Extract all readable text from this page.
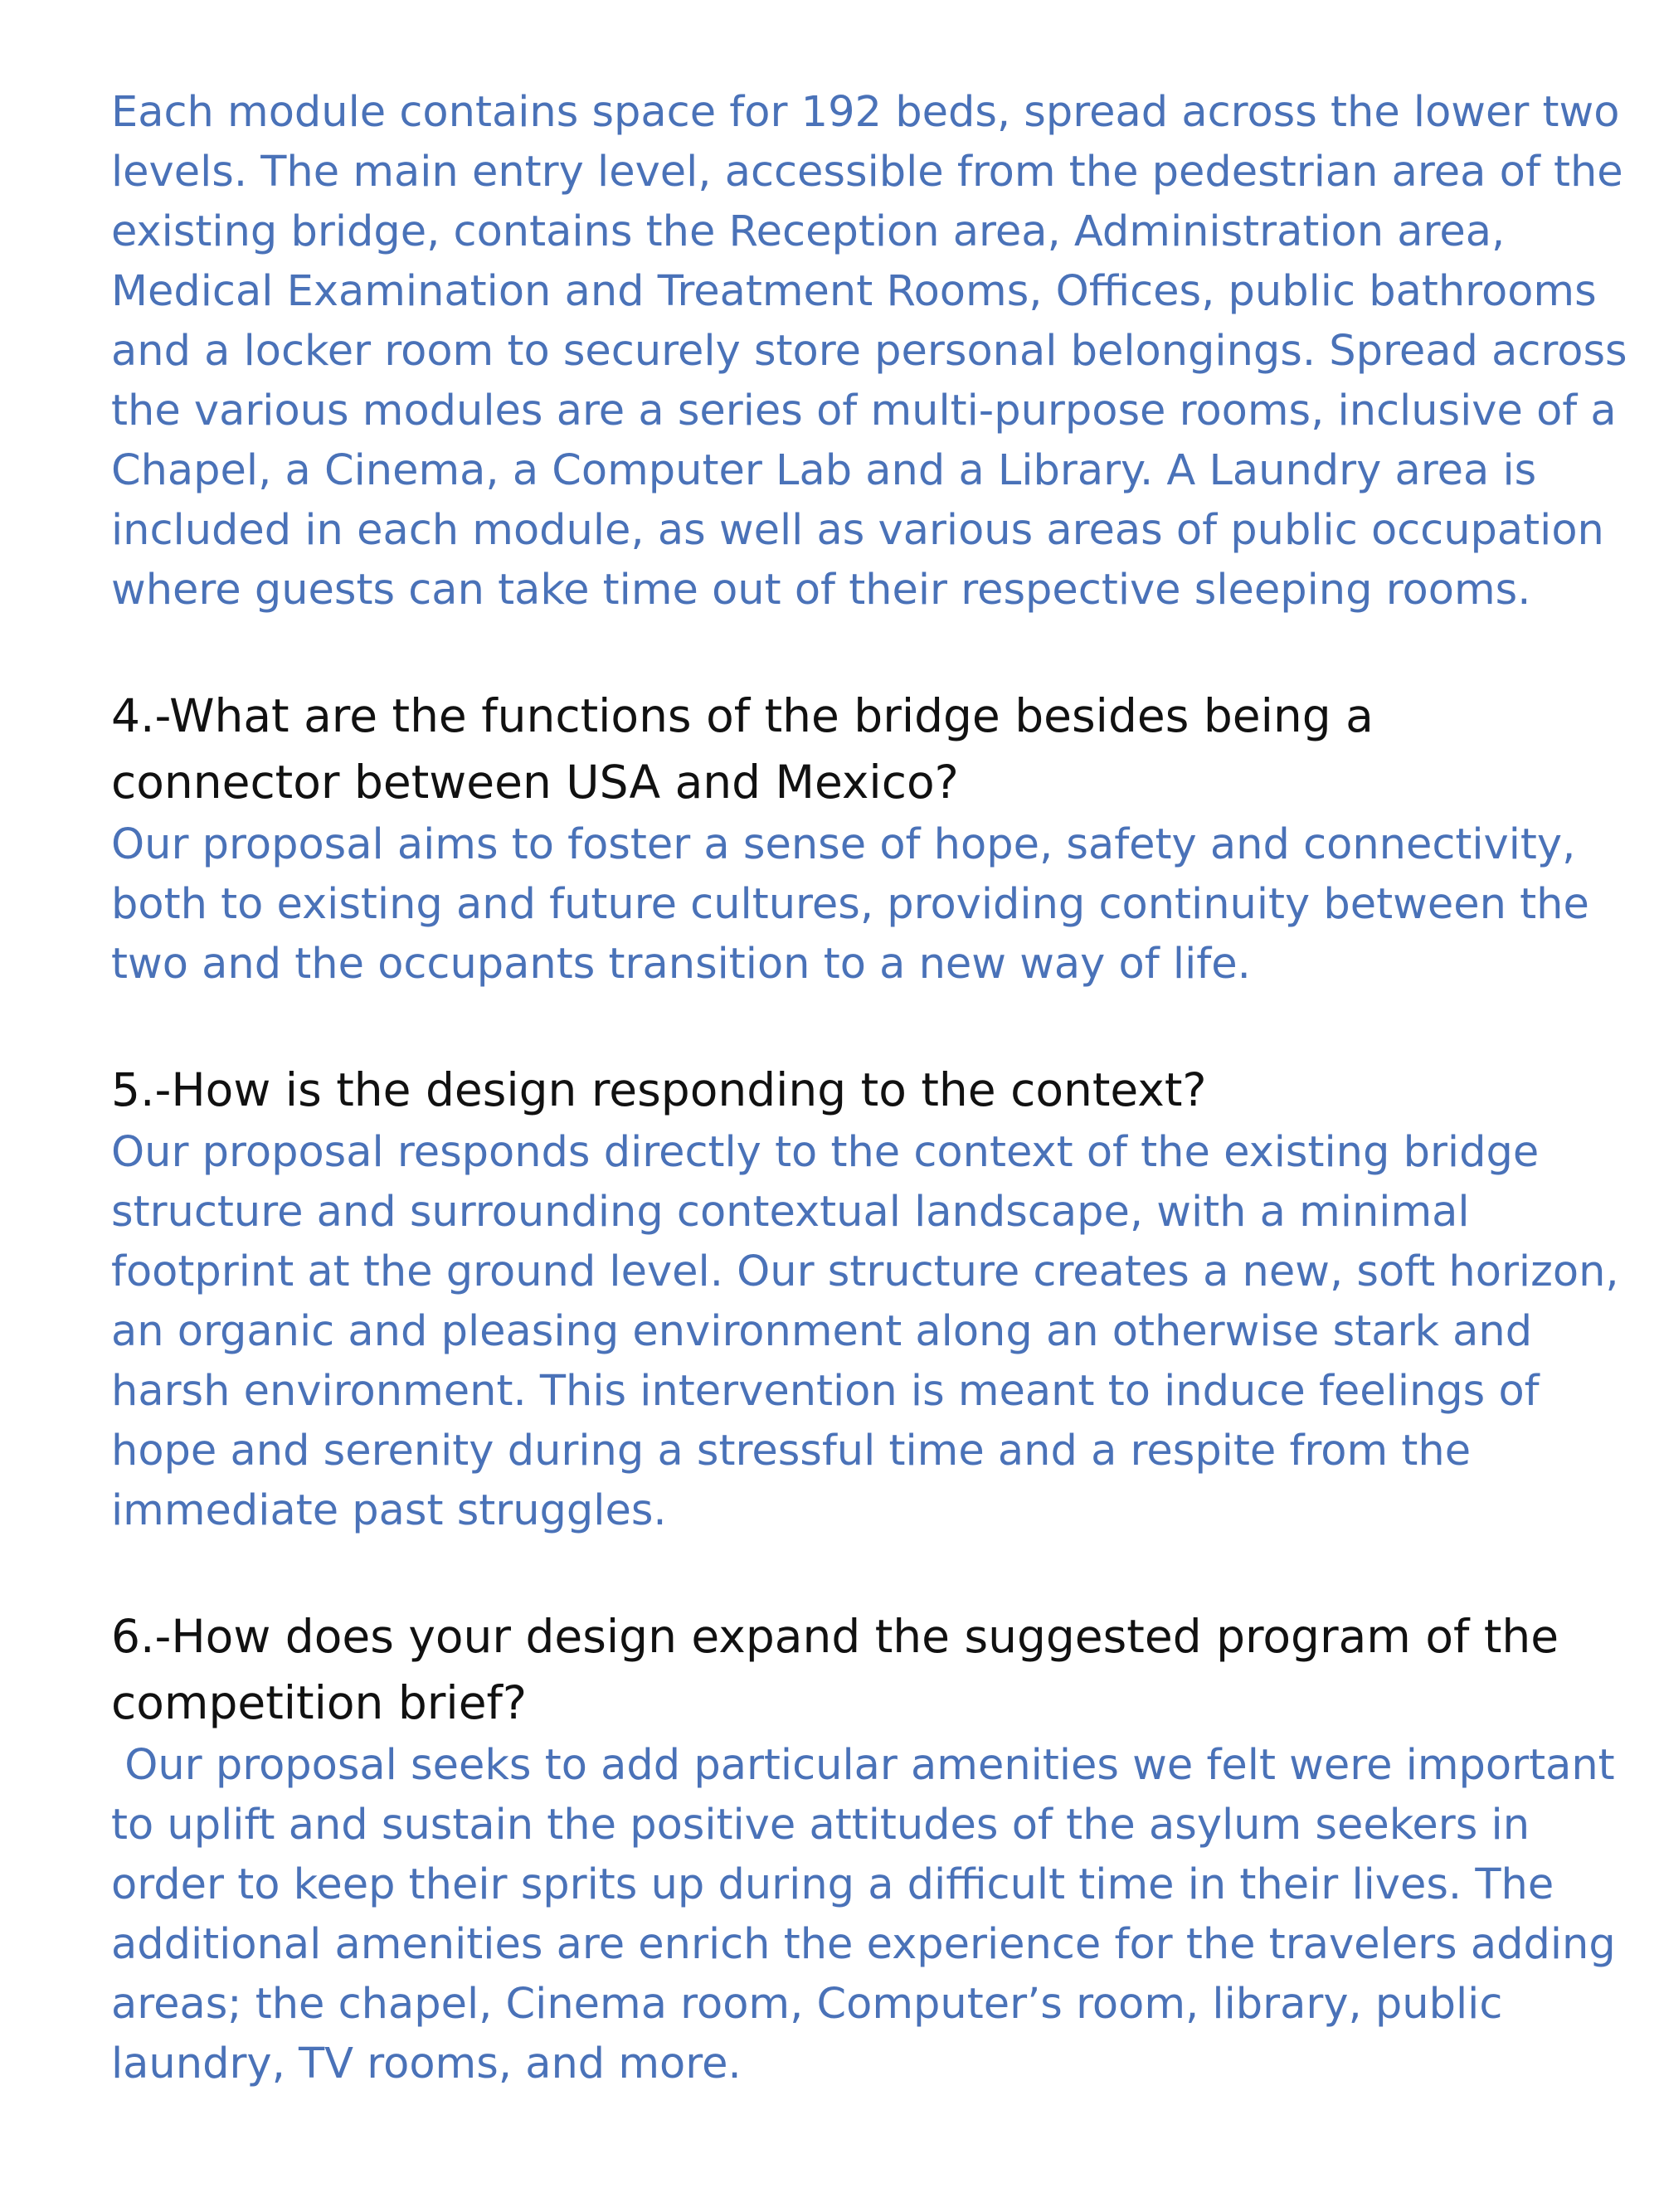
Each module contains space for 192 beds, spread across the lower two
levels. The main entry level, accessible from the pedestrian area of the
existing bridge, contains the Reception area, Administration area,
Medical Examination and Treatment Rooms, Offices, public bathrooms
and a locker room to securely store personal belongings. Spread across
the various modules are a series of multi-purpose rooms, inclusive of a
Chapel, a Cinema, a Computer Lab and a Library. A Laundry area is
included in each module, as well as various areas of public occupation
where guests can take time out of their respective sleeping rooms.

4.-What are the functions of the bridge besides being a
connector between USA and Mexico?

Our proposal aims to foster a sense of hope, safety and connectivity,
both to existing and future cultures, providing continuity between the
two and the occupants transition to a new way of life.

5.-How is the design responding to the context?

Our proposal responds directly to the context of the existing bridge
structure and surrounding contextual landscape, with a minimal
footprint at the ground level. Our structure creates a new, soft horizon,
an organic and pleasing environment along an otherwise stark and
harsh environment. This intervention is meant to induce feelings of
hope and serenity during a stressful time and a respite from the
immediate past struggles.

6.-How does your design expand the suggested program of the
competition brief?

Our proposal seeks to add particular amenities we felt were important
to uplift and sustain the positive attitudes of the asylum seekers in
order to keep their sprits up during a difficult time in their lives. The
additional amenities are enrich the experience for the travelers adding
areas; the chapel, Cinema room, Computer’s room, library, public
laundry, TV rooms, and more.
